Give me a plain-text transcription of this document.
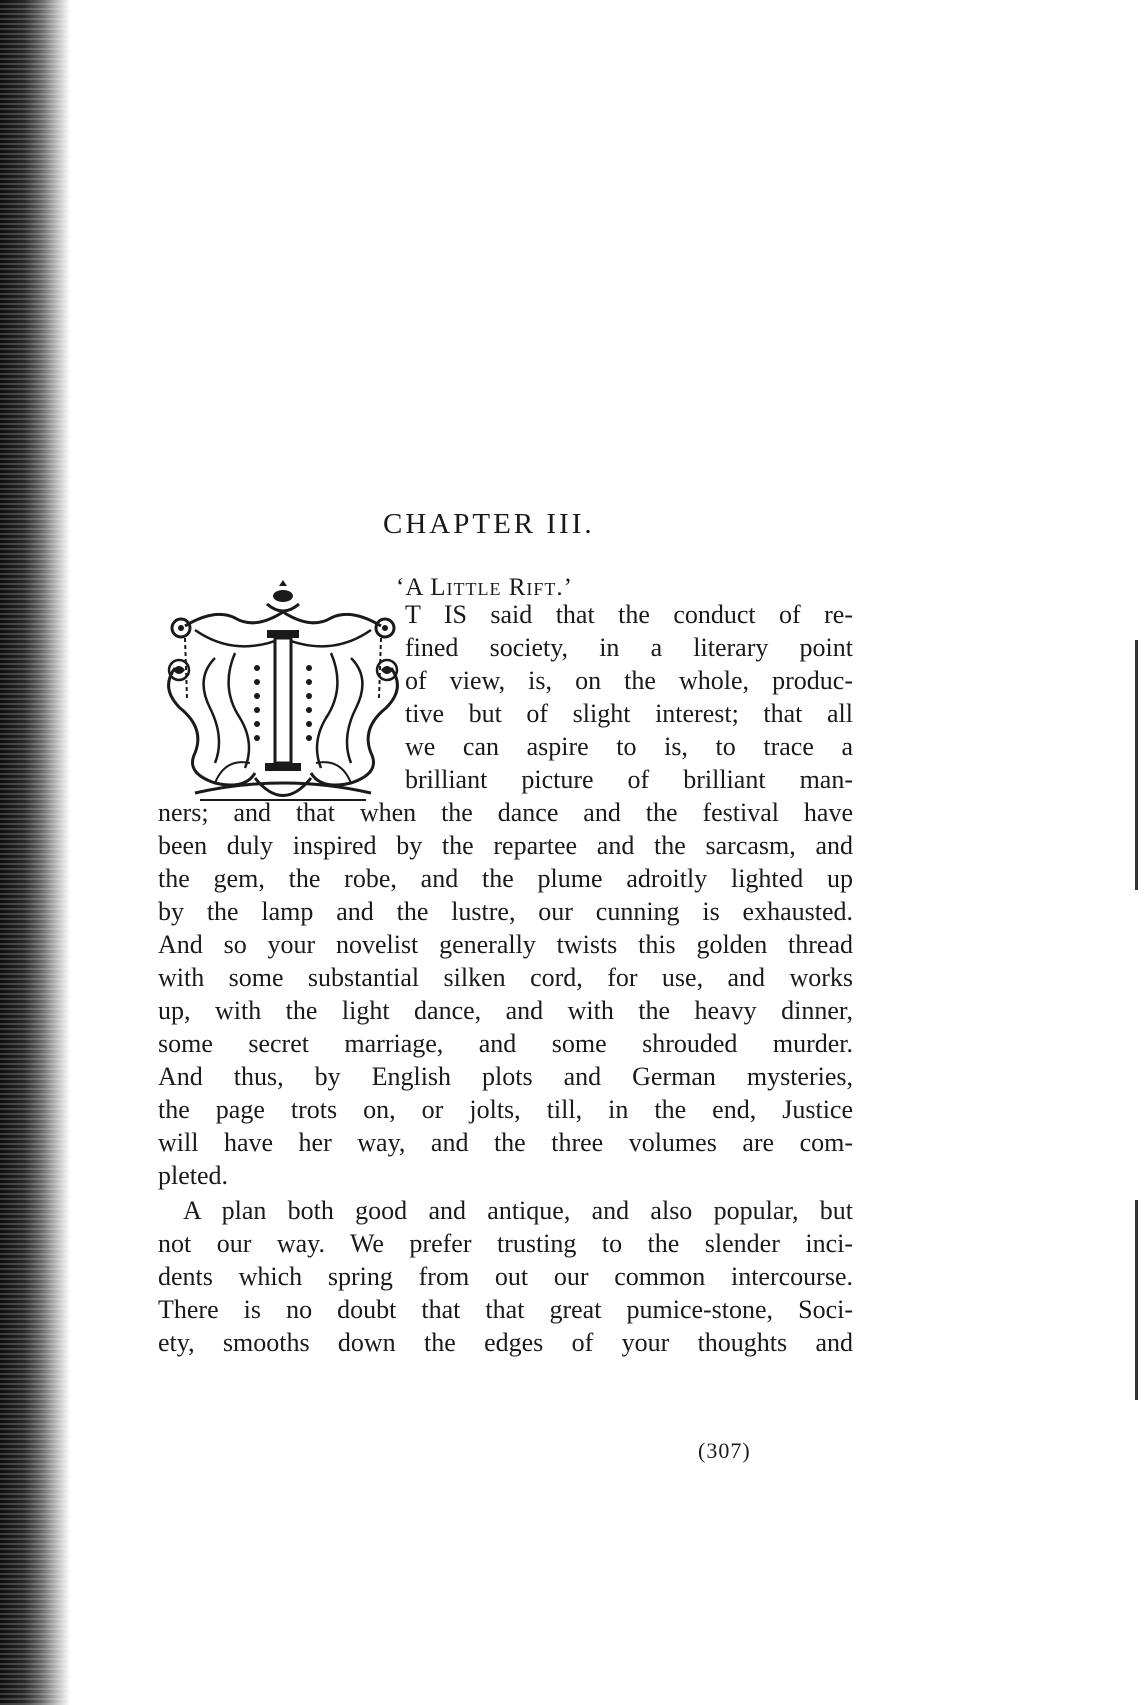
CHAPTER III.
‘A Little Rift.’
T IS said that the conduct of re-
fined society, in a literary point
of view, is, on the whole, produc-
tive but of slight interest; that all
we can aspire to is, to trace a
brilliant picture of brilliant man-
ners; and that when the dance and the festival have
been duly inspired by the repartee and the sarcasm, and
the gem, the robe, and the plume adroitly lighted up
by the lamp and the lustre, our cunning is exhausted.
And so your novelist generally twists this golden thread
with some substantial silken cord, for use, and works
up, with the light dance, and with the heavy dinner,
some secret marriage, and some shrouded murder.
And thus, by English plots and German mysteries,
the page trots on, or jolts, till, in the end, Justice
will have her way, and the three volumes are com-
pleted.
A plan both good and antique, and also popular, but
not our way. We prefer trusting to the slender inci-
dents which spring from out our common intercourse.
There is no doubt that that great pumice-stone, Soci-
ety, smooths down the edges of your thoughts and
(307)
